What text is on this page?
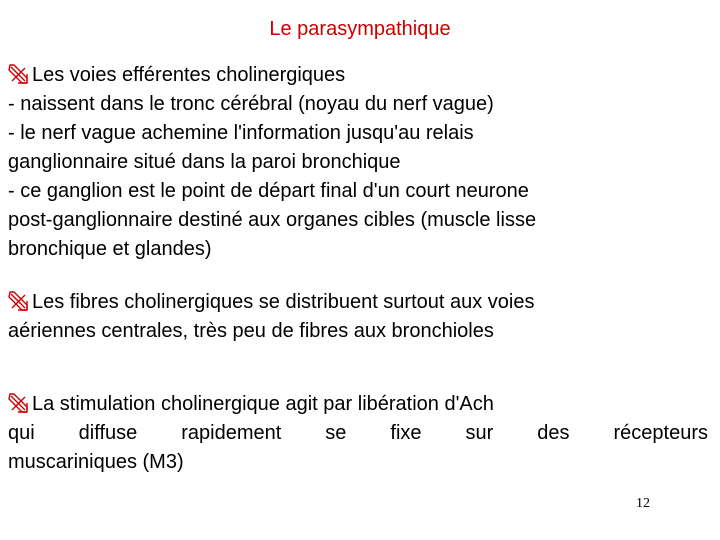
Le parasympathique
Les voies efférentes cholinergiques
- naissent dans le tronc cérébral (noyau du nerf vague)
- le nerf vague achemine l'information jusqu'au relais
ganglionnaire situé dans la paroi bronchique
- ce ganglion est le point de départ final d'un court neurone
post-ganglionnaire destiné aux organes cibles (muscle lisse
bronchique et glandes)
Les fibres cholinergiques se distribuent surtout aux voies
aériennes centrales, très peu de fibres aux bronchioles
La stimulation cholinergique agit par libération d'Ach
qui diffuse rapidement se fixe sur des récepteurs
muscariniques (M3)
12
